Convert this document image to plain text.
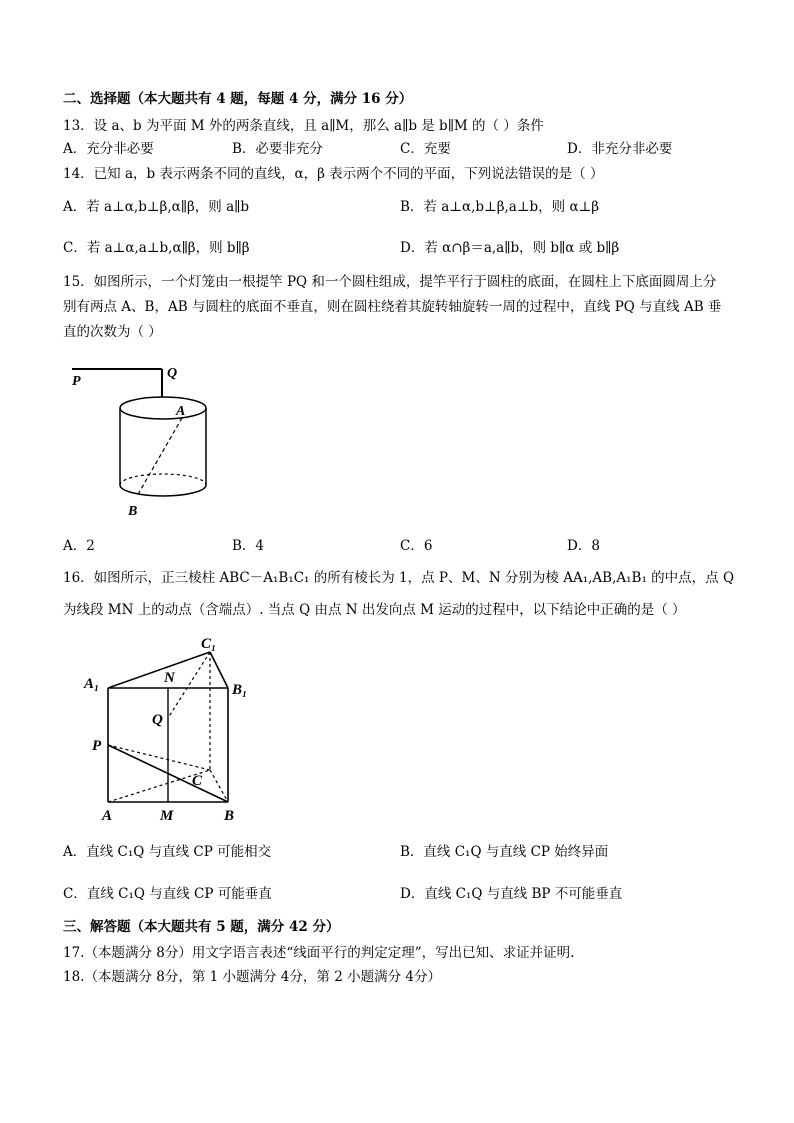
二、选择题（本大题共有 4 题，每题 4 分，满分 16 分）
13．设 a、b 为平面 M 外的两条直线，且 a∥M，那么 a∥b 是 b∥M 的（ ）条件
A．充分非必要	B．必要非充分	C．充要	D．非充分非必要
14．已知 a，b 表示两条不同的直线，α，β 表示两个不同的平面，下列说法错误的是（ ）
A．若 a⊥α,b⊥β,α∥β，则 a∥b	B．若 a⊥α,b⊥β,a⊥b，则 α⊥β
C．若 a⊥α,a⊥b,α∥β，则 b∥β	D．若 α∩β＝a,a∥b，则 b∥α 或 b∥β
15．如图所示，一个灯笼由一根提竿 PQ 和一个圆柱组成，提竿平行于圆柱的底面，在圆柱上下底面圆周上分
别有两点 A、B，AB 与圆柱的底面不垂直，则在圆柱绕着其旋转轴旋转一周的过程中，直线 PQ 与直线 AB 垂
直的次数为（ ）
P
Q
A
B
A．2	B．4	C．6	D．8
16．如图所示，正三棱柱 ABC－A₁B₁C₁ 的所有棱长为 1，点 P、M、N 分别为棱 AA₁,AB,A₁B₁ 的中点，点 Q
为线段 MN 上的动点（含端点）. 当点 Q 由点 N 出发向点 M 运动的过程中，以下结论中正确的是（ ）
C₁
A₁	N
B₁
Q
P
C
A	M	B
A．直线 C₁Q 与直线 CP 可能相交	B．直线 C₁Q 与直线 CP 始终异面
C．直线 C₁Q 与直线 CP 可能垂直	D．直线 C₁Q 与直线 BP 不可能垂直
三、解答题（本大题共有 5 题，满分 42 分）
17.（本题满分 8分）用文字语言表述“线面平行的判定定理”，写出已知、求证并证明.
18.（本题满分 8分，第 1 小题满分 4分，第 2 小题满分 4分）
